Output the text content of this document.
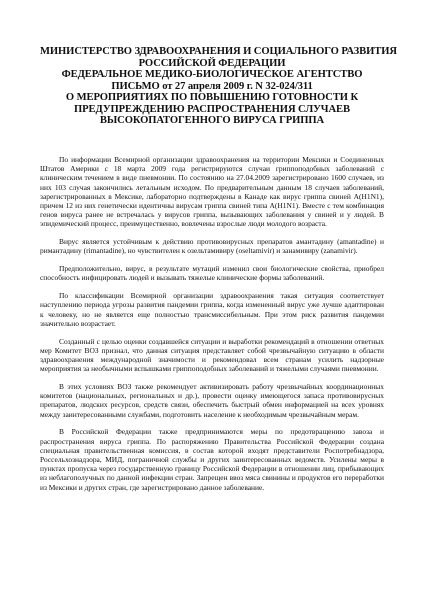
МИНИСТЕРСТВО ЗДРАВООХРАНЕНИЯ И СОЦИАЛЬНОГО РАЗВИТИЯ
РОССИЙСКОЙ ФЕДЕРАЦИИ
ФЕДЕРАЛЬНОЕ МЕДИКО-БИОЛОГИЧЕСКОЕ АГЕНТСТВО
ПИСЬМО от 27 апреля 2009 г. N 32-024/311
О МЕРОПРИЯТИЯХ ПО ПОВЫШЕНИЮ ГОТОВНОСТИ К
ПРЕДУПРЕЖДЕНИЮ РАСПРОСТРАНЕНИЯ СЛУЧАЕВ
ВЫСОКОПАТОГЕННОГО ВИРУСА ГРИППА

По информации Всемирной организации здравоохранения на территории Мексики и Соединенных Штатов Америки с 18 марта 2009 года регистрируются случаи гриппоподобных заболеваний с клиническим течением в виде пневмонии. По состоянию на 27.04.2009 зарегистрировано 1600 случаев, из них 103 случая закончились летальным исходом. По предварительным данным 18 случаев заболеваний, зарегистрированных в Мексике, лабораторно подтверждены в Канаде как вирус гриппа свиней A(H1N1), причем 12 из них генетически идентичны вирусам гриппа свиней типа A(H1N1). Вместе с тем комбинация генов вируса ранее не встречалась у вирусов гриппа, вызывающих заболевания у свиней и у людей. В эпидемический процесс, преимущественно, вовлечены взрослые люди молодого возраста.

Вирус является устойчивым к действию противовирусных препаратов амантадину (amantadine) и римантадину (rimantadine), но чувствителен к озельтамивиру (oseltamivir) и занамивиру (zanamivir).

Предположительно, вирус, в результате мутаций изменил свои биологические свойства, приобрел способность инфицировать людей и вызывать тяжелые клинические формы заболеваний.

По классификации Всемирной организации здравоохранения такая ситуация соответствует наступлению периода угрозы развития пандемии гриппа, когда измененный вирус уже лучше адаптирован к человеку, но не является еще полностью трансмиссибельным. При этом риск развития пандемии значительно возрастает.

Созданный с целью оценки создавшейся ситуации и выработки рекомендаций в отношении ответных мер Комитет ВОЗ признал, что данная ситуация представляет собой чрезвычайную ситуацию в области здравоохранения международной значимости и рекомендовал всем странам усилить надзорные мероприятия за необычными вспышками гриппоподобных заболеваний и тяжелыми случаями пневмонии.

В этих условиях ВОЗ также рекомендует активизировать работу чрезвычайных координационных комитетов (национальных, региональных и др.), провести оценку имеющегося запаса противовирусных препаратов, людских ресурсов, средств связи, обеспечить быстрый обмен информацией на всех уровнях между заинтересованными службами, подготовить население к необходимым чрезвычайным мерам.

В Российской Федерации также предпринимаются меры по предотвращению завоза и распространения вируса гриппа. По распоряжению Правительства Российской Федерации создана специальная правительственная комиссия, в состав которой входят представители Роспотребнадзора, Россельхознадзора, МИД, пограничной службы и других заинтересованных ведомств. Усилены меры в пунктах пропуска через государственную границу Российской Федерации в отношении лиц, прибывающих из неблагополучных по данной инфекции стран. Запрещен ввоз мяса свинины и продуктов его переработки из Мексики и других стран, где зарегистрировано данное заболевание.
